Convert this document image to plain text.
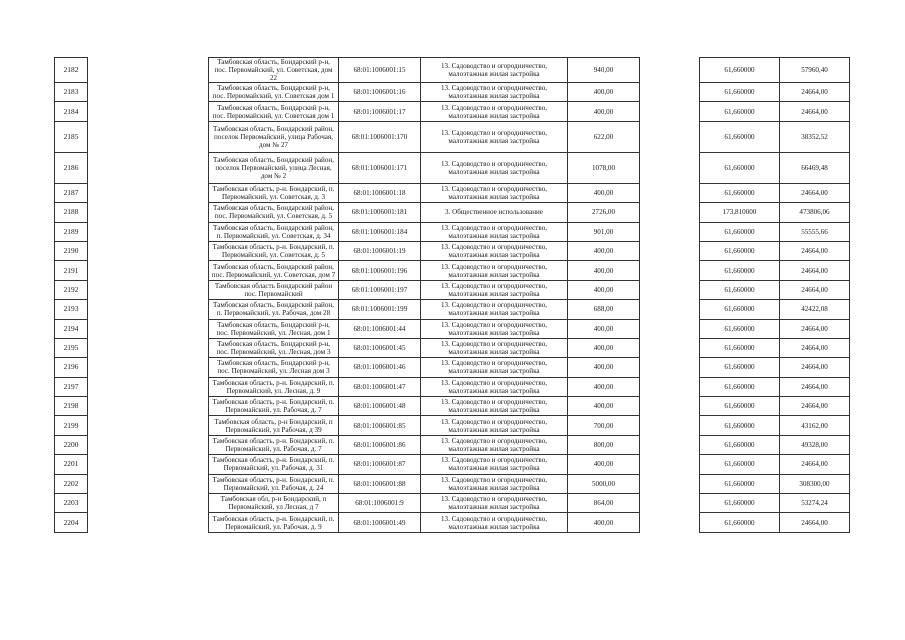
2182		Тамбовская область, Бондарский р-н, пос. Первомайский, ул. Советская, дом 22	68:01:1006001:15	13. Садоводство и огородничество, малоэтажная жилая застройка	940,00		61,660000	57960,40
2183		Тамбовская область, Бондарский р-н, пос. Первомайский, ул. Советская дом 1	68:01:1006001:16	13. Садоводство и огородничество, малоэтажная жилая застройка	400,00		61,660000	24664,00
2184		Тамбовская область, Бондарский р-н, пос. Первомайский, ул. Советская дом 1	68:01:1006001:17	13. Садоводство и огородничество, малоэтажная жилая застройка	400,00		61,660000	24664,00
2185		Тамбовская область, Бондарский район, поселок Первомайский, улица Рабочая, дом № 27	68:01:1006001:170	13. Садоводство и огородничество, малоэтажная жилая застройка	622,00		61,660000	38352,52
2186		Тамбовская область, Бондарский район, поселок Первомайский, улица Лесная, дом № 2	68:01:1006001:171	13. Садоводство и огородничество, малоэтажная жилая застройка	1078,00		61,660000	66469,48
2187		Тамбовская область, р-н. Бондарский, п. Первомайский, ул. Советская, д. 3	68:01:1006001:18	13. Садоводство и огородничество, малоэтажная жилая застройка	400,00		61,660000	24664,00
2188		Тамбовская область, Бондарский район, пос. Первомайский, ул. Советская, д. 5	68:01:1006001:181	3. Общественное использование	2726,00		173,810000	473806,06
2189		Тамбовская область, Бондарский район, п. Первомайский, ул. Советская, д. 34	68:01:1006001:184	13. Садоводство и огородничество, малоэтажная жилая застройка	901,00		61,660000	55555,66
2190		Тамбовская область, р-н. Бондарский, п. Первомайский, ул. Советская, д. 5	68:01:1006001:19	13. Садоводство и огородничество, малоэтажная жилая застройка	400,00		61,660000	24664,00
2191		Тамбовская область, Бондарский район, пос. Первомайский, ул. Советская, дом 7	68:01:1006001:196	13. Садоводство и огородничество, малоэтажная жилая застройка	400,00		61,660000	24664,00
2192		Тамбовская область Бондарский район пос. Первомайский	68:01:1006001:197	13. Садоводство и огородничество, малоэтажная жилая застройка	400,00		61,660000	24664,00
2193		Тамбовская область, Бондарский район, п. Первомайский, ул. Рабочая, дом 28	68:01:1006001:199	13. Садоводство и огородничество, малоэтажная жилая застройка	688,00		61,660000	42422,08
2194		Тамбовская область, Бондарский р-н, пос. Первомайский, ул. Лесная, дом 1	68:01:1006001:44	13. Садоводство и огородничество, малоэтажная жилая застройка	400,00		61,660000	24664,00
2195		Тамбовская область, Бондарский р-н, пос. Первомайский, ул. Лесная, дом 3	68:01:1006001:45	13. Садоводство и огородничество, малоэтажная жилая застройка	400,00		61,660000	24664,00
2196		Тамбовская область, Бондарский р-н, пос. Первомайский, ул. Лесная дом 3	68:01:1006001:46	13. Садоводство и огородничество, малоэтажная жилая застройка	400,00		61,660000	24664,00
2197		Тамбовская область, р-н. Бондарский, п. Первомайский, ул. Лесная, д. 9	68:01:1006001:47	13. Садоводство и огородничество, малоэтажная жилая застройка	400,00		61,660000	24664,00
2198		Тамбовская область, р-н. Бондарский, п. Первомайский, ул. Рабочая, д. 7	68:01:1006001:48	13. Садоводство и огородничество, малоэтажная жилая застройка	400,00		61,660000	24664,00
2199		Тамбовская область, р-н Бондарский, п Первомайский, ул Рабочая, д 39	68:01:1006001:85	13. Садоводство и огородничество, малоэтажная жилая застройка	700,00		61,660000	43162,00
2200		Тамбовская область, р-н. Бондарский, п. Первомайский, ул. Рабочая, д. 7	68:01:1006001:86	13. Садоводство и огородничество, малоэтажная жилая застройка	800,00		61,660000	49328,00
2201		Тамбовская область, р-н. Бондарский, п. Первомайский, ул. Рабочая, д. 31	68:01:1006001:87	13. Садоводство и огородничество, малоэтажная жилая застройка	400,00		61,660000	24664,00
2202		Тамбовская область, р-н. Бондарский, п. Первомайский, ул. Рабочая, д. 24	68:01:1006001:88	13. Садоводство и огородничество, малоэтажная жилая застройка	5000,00		61,660000	308300,00
2203		Тамбовская обл, р-н Бондарский, п Первомайский, ул Лесная, д 7	68:01:1006001:9	13. Садоводство и огородничество, малоэтажная жилая застройка	864,00		61,660000	53274,24
2204		Тамбовская область, р-н. Бондарский, п. Первомайский, ул. Рабочая, д. 9	68:01:1006001:49	13. Садоводство и огородничество, малоэтажная жилая застройка	400,00		61,660000	24664,00
